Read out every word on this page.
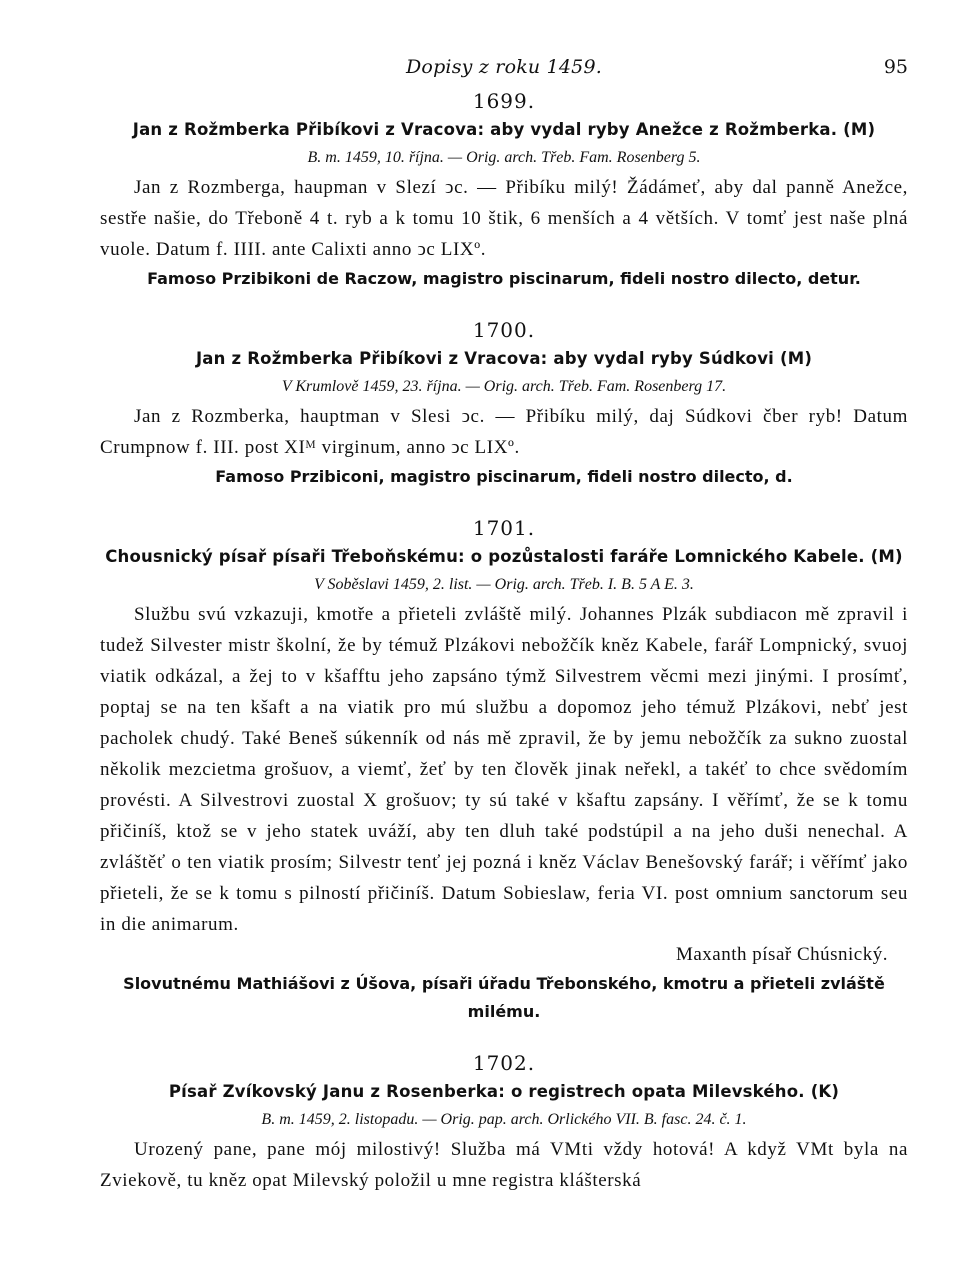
Dopisy z roku 1459.	95
1699.
Jan z Rožmberka Přibíkovi z Vracova: aby vydal ryby Anežce z Rožmberka. (M)
B. m. 1459, 10. října. — Orig. arch. Třeb. Fam. Rosenberg 5.

Jan z Rozmberga, haupman v Slezí ͻc. — Přibíku milý! Žádámeť, aby dal panně Anežce, sestře našie, do Třeboně 4 t. ryb a k tomu 10 štik, 6 menších a 4 větších. V tomť jest naše plná vuole. Datum f. IIII. ante Calixti anno ͻc LIXº.

Famoso Przibikoni de Raczow, magistro piscinarum, fideli nostro dilecto, detur.
1700.
Jan z Rožmberka Přibíkovi z Vracova: aby vydal ryby Súdkovi (M)
V Krumlově 1459, 23. října. — Orig. arch. Třeb. Fam. Rosenberg 17.

Jan z Rozmberka, hauptman v Slesi ͻc. — Přibíku milý, daj Súdkovi čber ryb! Datum Crumpnow f. III. post XIᴹ virginum, anno ͻc LIXº.

Famoso Przibiconi, magistro piscinarum, fideli nostro dilecto, d.
1701.
Chousnický písař písaři Třeboňskému: o pozůstalosti faráře Lomnického Kabele. (M)
V Soběslavi 1459, 2. list. — Orig. arch. Třeb. I. B. 5 A E. 3.

Službu svú vzkazuji, kmotře a přieteli zvláště milý. Johannes Plzák subdiacon mě zpravil i tudež Silvester mistr školní, že by témuž Plzákovi nebožčík kněz Kabele, farář Lompnický, svuoj viatik odkázal, a žej to v kšafftu jeho zapsáno týmž Silvestrem věcmi mezi jinými. I prosímť, poptaj se na ten kšaft a na viatik pro mú službu a dopomoz jeho témuž Plzákovi, nebť jest pacholek chudý. Také Beneš súkenník od nás mě zpravil, že by jemu nebožčík za sukno zuostal několik mezcietma grošuov, a viemť, žeť by ten člověk jinak neřekl, a takéť to chce svědomím provésti. A Silvestrovi zuostal X grošuov; ty sú také v kšaftu zapsány. I věřímť, že se k tomu přičiníš, ktož se v jeho statek uváží, aby ten dluh také podstúpil a na jeho duši nenechal. A zvláštěť o ten viatik prosím; Silvestr tenť jej pozná i kněz Václav Benešovský farář; i věřímť jako přieteli, že se k tomu s pilností přičiníš. Datum Sobieslaw, feria VI. post omnium sanctorum seu in die animarum.

Maxanth písař Chúsnický.
Slovutnému Mathiášovi z Úšova, písaři úřadu Třebonského, kmotru a přieteli zvláště milému.
1702.
Písař Zvíkovský Janu z Rosenberka: o registrech opata Milevského. (K)
B. m. 1459, 2. listopadu. — Orig. pap. arch. Orlického VII. B. fasc. 24. č. 1.

Urozený pane, pane mój milostivý! Služba má VMti vždy hotová! A když VMt byla na Zviekově, tu kněz opat Milevský položil u mne registra klášterská
